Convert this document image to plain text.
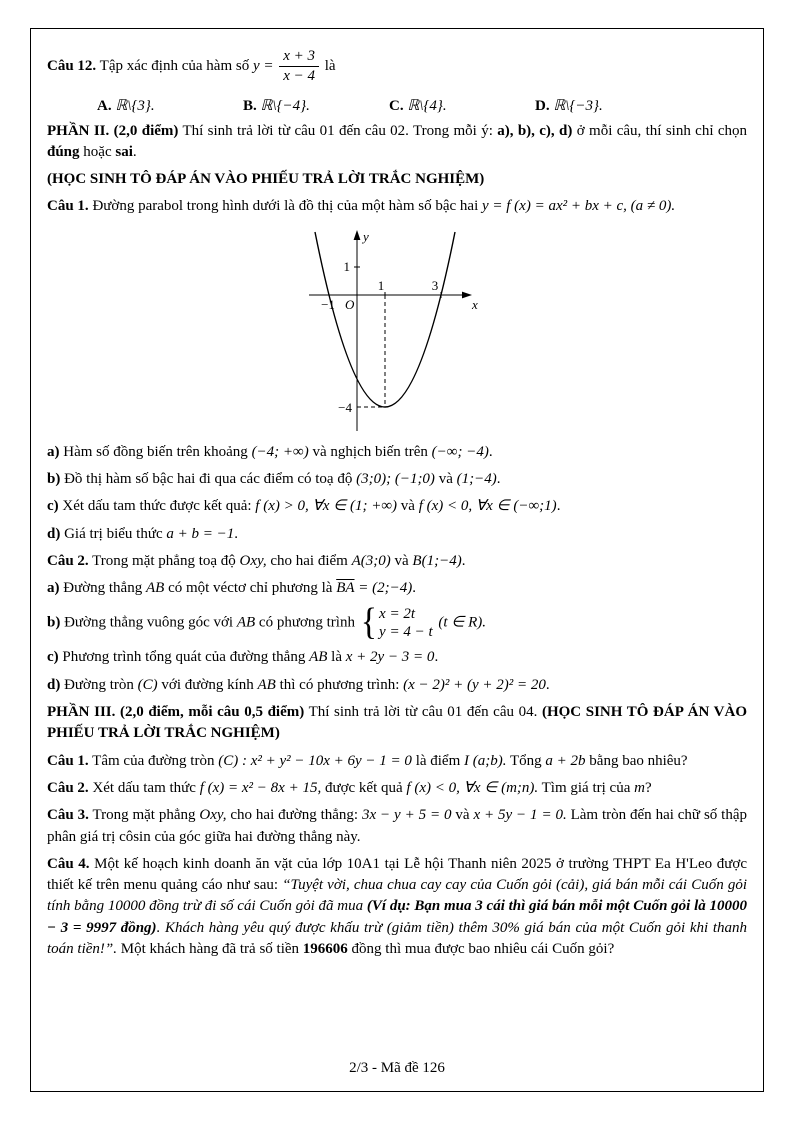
Câu 12. Tập xác định của hàm số $y = \frac{x + 3}{x - 4}$ là

A. ℝ\{3}.	B. ℝ\{−4}.	C. ℝ\{4}.	D. ℝ\{−3}.

PHẦN II. (2,0 điểm) Thí sinh trả lời từ câu 01 đến câu 02. Trong mỗi ý: a), b), c), d) ở mỗi câu, thí sinh chỉ chọn đúng hoặc sai.

(HỌC SINH TÔ ĐÁP ÁN VÀO PHIẾU TRẢ LỜI TRẮC NGHIỆM)

Câu 1. Đường parabol trong hình dưới là đồ thị của một hàm số bậc hai y = f (x) = ax² + bx + c, (a ≠ 0).

y
x
O
1
−1
1	3
−4

a) Hàm số đồng biến trên khoảng (−4; +∞) và nghịch biến trên (−∞; −4).

b) Đồ thị hàm số bậc hai đi qua các điểm có toạ độ (3;0); (−1;0) và (1;−4).

c) Xét dấu tam thức được kết quả: f (x) > 0, ∀x ∈ (1; +∞) và f (x) < 0, ∀x ∈ (−∞;1).

d) Giá trị biểu thức a + b = −1.

Câu 2. Trong mặt phẳng toạ độ Oxy, cho hai điểm A(3;0) và B(1;−4).

a) Đường thẳng AB có một véctơ chỉ phương là $\overline{BA}$ = (2;−4).

b) Đường thẳng vuông góc với AB có phương trình { x = 2t
y = 4 − t
(t ∈ R).

c) Phương trình tổng quát của đường thẳng AB là x + 2y − 3 = 0.

d) Đường tròn (C) với đường kính AB thì có phương trình: (x − 2)² + (y + 2)² = 20.

PHẦN III. (2,0 điểm, mỗi câu 0,5 điểm) Thí sinh trả lời từ câu 01 đến câu 04. (HỌC SINH TÔ ĐÁP ÁN VÀO PHIẾU TRẢ LỜI TRẮC NGHIỆM)

Câu 1. Tâm của đường tròn (C) : x² + y² − 10x + 6y − 1 = 0 là điểm I (a;b). Tổng a + 2b bằng bao nhiêu?

Câu 2. Xét dấu tam thức f (x) = x² − 8x + 15, được kết quả f (x) < 0, ∀x ∈ (m;n). Tìm giá trị của m?

Câu 3. Trong mặt phẳng Oxy, cho hai đường thẳng: 3x − y + 5 = 0 và x + 5y − 1 = 0. Làm tròn đến hai chữ số thập phân giá trị côsin của góc giữa hai đường thẳng này.

Câu 4. Một kế hoạch kinh doanh ăn vặt của lớp 10A1 tại Lễ hội Thanh niên 2025 ở trường THPT Ea H'Leo được thiết kế trên menu quảng cáo như sau: “Tuyệt vời, chua chua cay cay của Cuốn gỏi (cải), giá bán mỗi cái Cuốn gỏi tính bằng 10000 đồng trừ đi số cái Cuốn gỏi đã mua (Ví dụ: Bạn mua 3 cái thì giá bán mỗi một Cuốn gỏi là 10000 − 3 = 9997 đồng). Khách hàng yêu quý được khấu trừ (giảm tiền) thêm 30% giá bán của một Cuốn gỏi khi thanh toán tiền!”. Một khách hàng đã trả số tiền 196606 đồng thì mua được bao nhiêu cái Cuốn gỏi?

2/3 - Mã đề 126
